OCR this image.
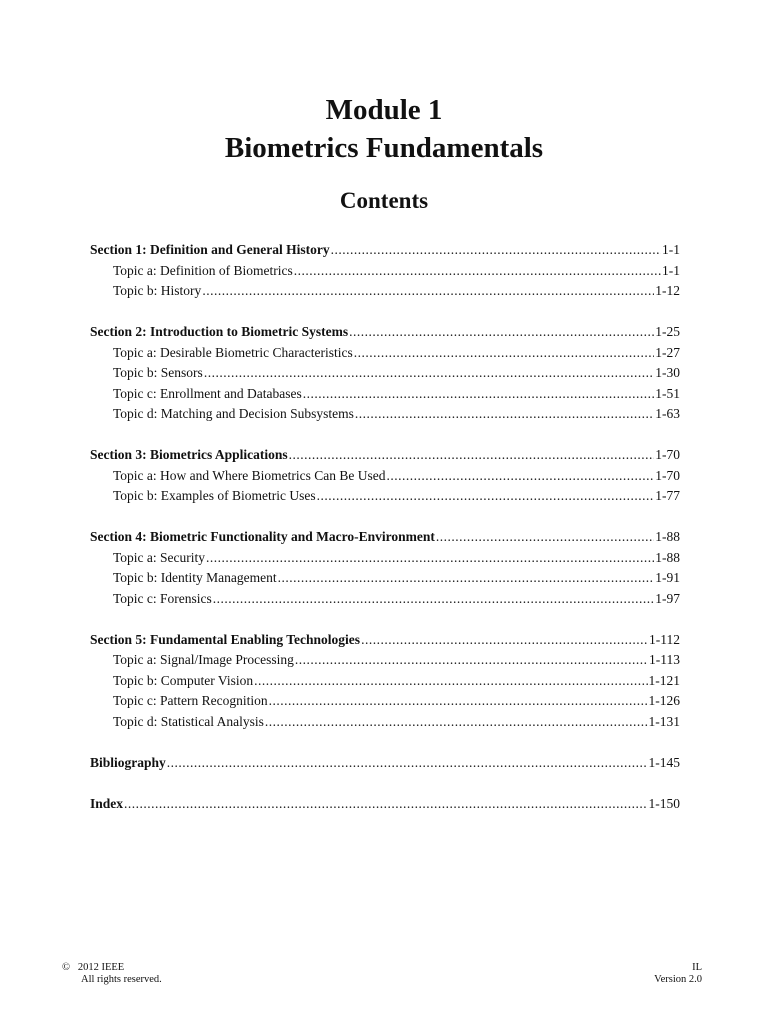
Module 1
Biometrics Fundamentals
Contents
Section 1: Definition and General History .....	1-1
Topic a: Definition of Biometrics .....	1-1
Topic b: History .....	1-12
Section 2: Introduction to Biometric Systems .....	1-25
Topic a: Desirable Biometric Characteristics .....	1-27
Topic b: Sensors .....	1-30
Topic c: Enrollment and Databases .....	1-51
Topic d: Matching and Decision Subsystems .....	1-63
Section 3: Biometrics Applications .....	1-70
Topic a: How and Where Biometrics Can Be Used .....	1-70
Topic b: Examples of Biometric Uses .....	1-77
Section 4: Biometric Functionality and Macro-Environment .....	1-88
Topic a: Security .....	1-88
Topic b: Identity Management .....	1-91
Topic c: Forensics .....	1-97
Section 5: Fundamental Enabling Technologies .....	1-112
Topic a: Signal/Image Processing .....	1-113
Topic b: Computer Vision .....	1-121
Topic c: Pattern Recognition .....	1-126
Topic d: Statistical Analysis .....	1-131
Bibliography .....	1-145
Index .....	1-150
©   2012 IEEE
All rights reserved.
IL
Version 2.0
